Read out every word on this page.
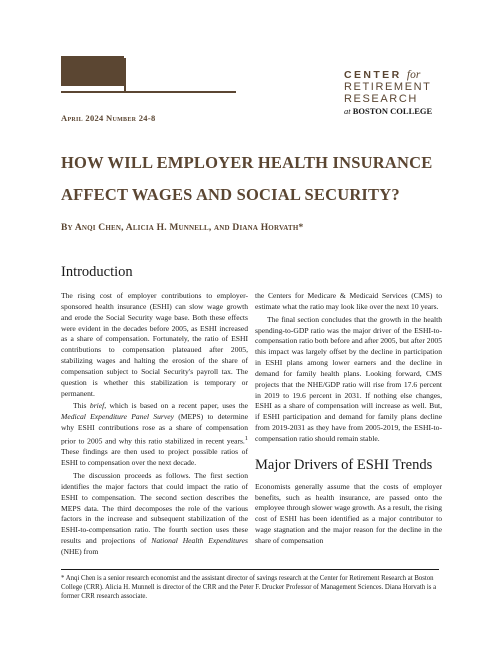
CENTER for
RETIREMENT
RESEARCH
at BOSTON COLLEGE
April 2024 Number 24-8
HOW WILL EMPLOYER HEALTH INSURANCE AFFECT WAGES AND SOCIAL SECURITY?
By Anqi Chen, Alicia H. Munnell, and Diana Horvath*
Introduction

The rising cost of employer contributions to employer-sponsored health insurance (ESHI) can slow wage growth and erode the Social Security wage base. Both these effects were evident in the decades before 2005, as ESHI increased as a share of compensation. Fortunately, the ratio of ESHI contributions to compensation plateaued after 2005, stabilizing wages and halting the erosion of the share of compensation subject to Social Security's payroll tax. The question is whether this stabilization is temporary or permanent.

This brief, which is based on a recent paper, uses the Medical Expenditure Panel Survey (MEPS) to determine why ESHI contributions rose as a share of compensation prior to 2005 and why this ratio stabilized in recent years.$^1$ These findings are then used to project possible ratios of ESHI to compensation over the next decade.

The discussion proceeds as follows. The first section identifies the major factors that could impact the ratio of ESHI to compensation. The second section describes the MEPS data. The third decomposes the role of the various factors in the increase and subsequent stabilization of the ESHI-to-compensation ratio. The fourth section uses these results and projections of National Health Expenditures (NHE) from

the Centers for Medicare & Medicaid Services (CMS) to estimate what the ratio may look like over the next 10 years.

The final section concludes that the growth in the health spending-to-GDP ratio was the major driver of the ESHI-to-compensation ratio both before and after 2005, but after 2005 this impact was largely offset by the decline in participation in ESHI plans among lower earners and the decline in demand for family health plans. Looking forward, CMS projects that the NHE/GDP ratio will rise from 17.6 percent in 2019 to 19.6 percent in 2031. If nothing else changes, ESHI as a share of compensation will increase as well. But, if ESHI participation and demand for family plans decline from 2019-2031 as they have from 2005-2019, the ESHI-to-compensation ratio should remain stable.

Major Drivers of ESHI Trends

Economists generally assume that the costs of employer benefits, such as health insurance, are passed onto the employee through slower wage growth. As a result, the rising cost of ESHI has been identified as a major contributor to wage stagnation and the major reason for the decline in the share of compensation

* Anqi Chen is a senior research economist and the assistant director of savings research at the Center for Retirement Research at Boston College (CRR). Alicia H. Munnell is director of the CRR and the Peter F. Drucker Professor of Management Sciences. Diana Horvath is a former CRR research associate.
